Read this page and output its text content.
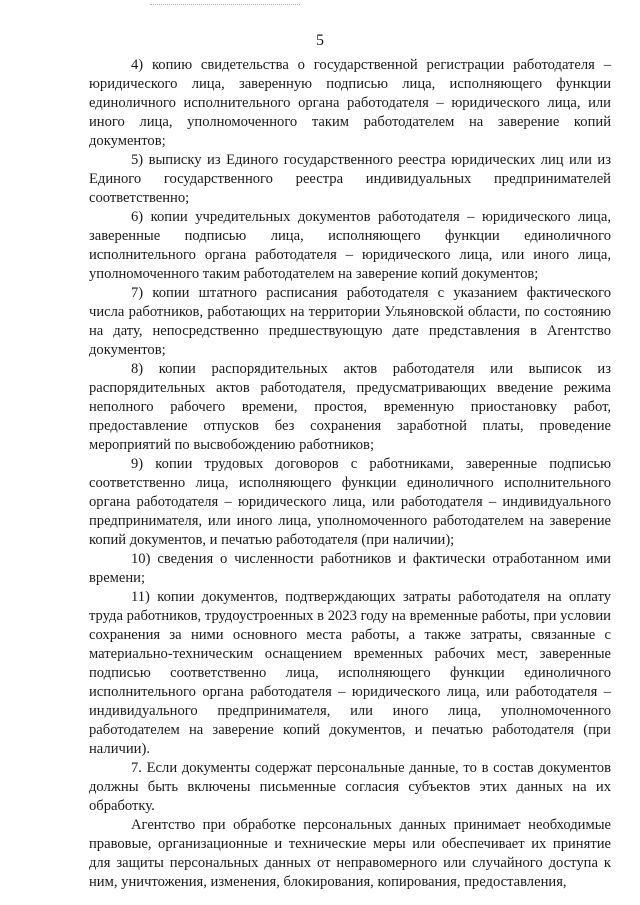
5

4) копию свидетельства о государственной регистрации работодателя – юридического лица, заверенную подписью лица, исполняющего функции единоличного исполнительного органа работодателя – юридического лица, или иного лица, уполномоченного таким работодателем на заверение копий документов;

5) выписку из Единого государственного реестра юридических лиц или из Единого государственного реестра индивидуальных предпринимателей соответственно;

6) копии учредительных документов работодателя – юридического лица, заверенные подписью лица, исполняющего функции единоличного исполнительного органа работодателя – юридического лица, или иного лица, уполномоченного таким работодателем на заверение копий документов;

7) копии штатного расписания работодателя с указанием фактического числа работников, работающих на территории Ульяновской области, по состоянию на дату, непосредственно предшествующую дате представления в Агентство документов;

8) копии распорядительных актов работодателя или выписок из распорядительных актов работодателя, предусматривающих введение режима неполного рабочего времени, простоя, временную приостановку работ, предоставление отпусков без сохранения заработной платы, проведение мероприятий по высвобождению работников;

9) копии трудовых договоров с работниками, заверенные подписью соответственно лица, исполняющего функции единоличного исполнительного органа работодателя – юридического лица, или работодателя – индивидуального предпринимателя, или иного лица, уполномоченного работодателем на заверение копий документов, и печатью работодателя (при наличии);

10) сведения о численности работников и фактически отработанном ими времени;

11) копии документов, подтверждающих затраты работодателя на оплату труда работников, трудоустроенных в 2023 году на временные работы, при условии сохранения за ними основного места работы, а также затраты, связанные с материально-техническим оснащением временных рабочих мест, заверенные подписью соответственно лица, исполняющего функции единоличного исполнительного органа работодателя – юридического лица, или работодателя – индивидуального предпринимателя, или иного лица, уполномоченного работодателем на заверение копий документов, и печатью работодателя (при наличии).

7. Если документы содержат персональные данные, то в состав документов должны быть включены письменные согласия субъектов этих данных на их обработку.

Агентство при обработке персональных данных принимает необходимые правовые, организационные и технические меры или обеспечивает их принятие для защиты персональных данных от неправомерного или случайного доступа к ним, уничтожения, изменения, блокирования, копирования, предоставления,
